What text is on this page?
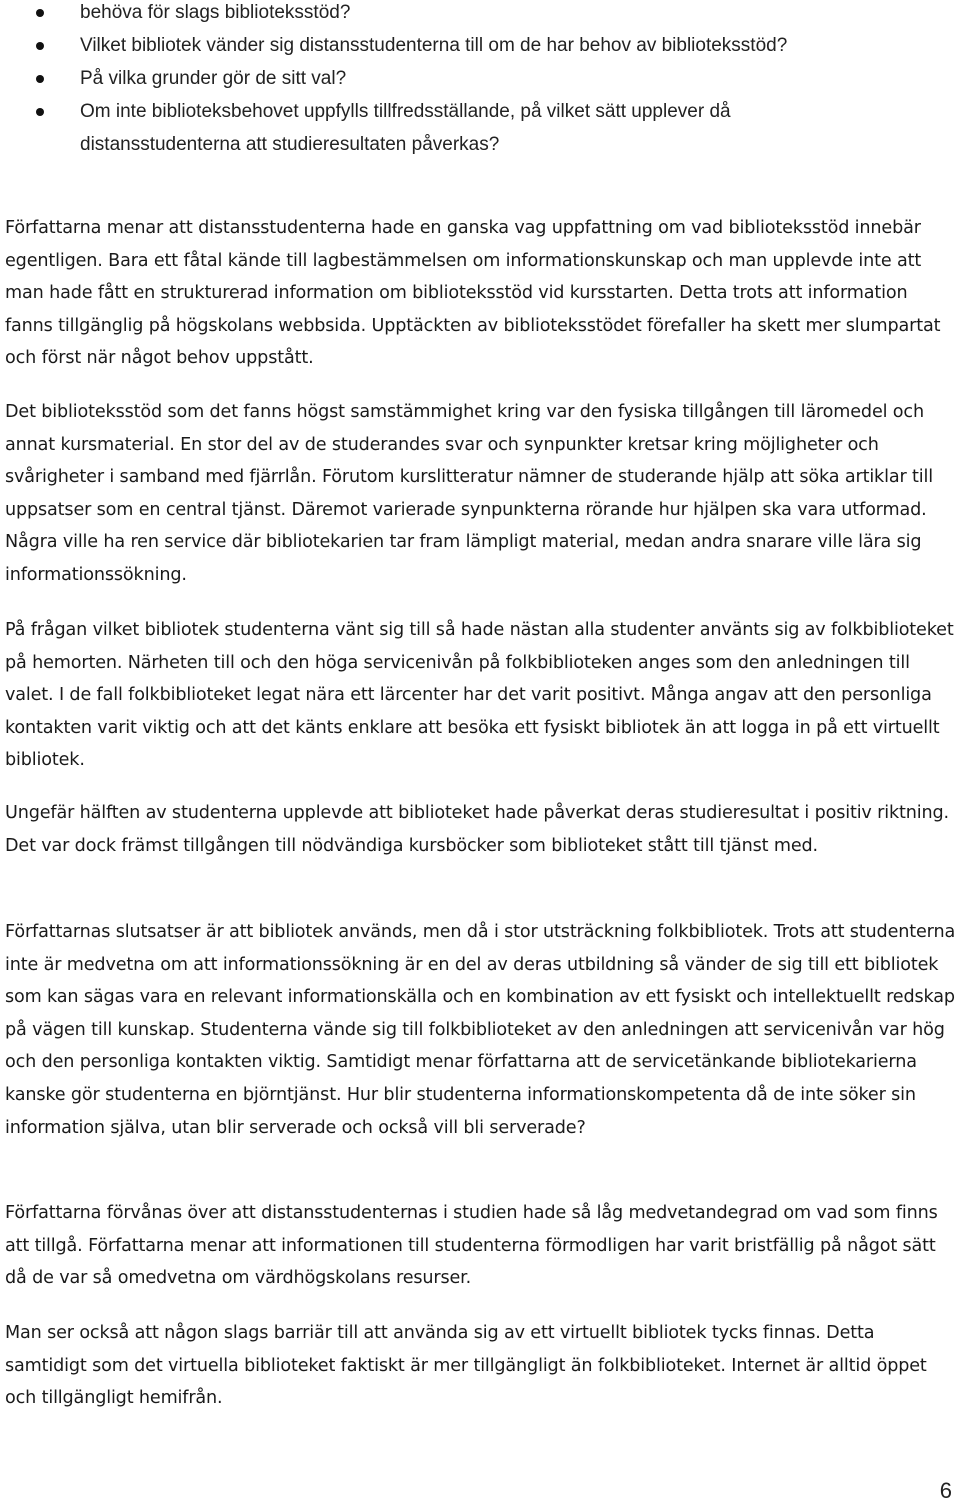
behöva för slags biblioteksstöd?
Vilket bibliotek vänder sig distansstudenterna till om de har behov av biblioteksstöd?
På vilka grunder gör de sitt val?
Om inte biblioteksbehovet uppfylls tillfredsställande, på vilket sätt upplever då distansstudenterna att studieresultaten påverkas?

Författarna menar att distansstudenterna hade en ganska vag uppfattning om vad biblioteksstöd innebär egentligen. Bara ett fåtal kände till lagbestämmelsen om informationskunskap och man upplevde inte att man hade fått en strukturerad information om biblioteksstöd vid kursstarten. Detta trots att information fanns tillgänglig på högskolans webbsida. Upptäckten av biblioteksstödet förefaller ha skett mer slumpartat och först när något behov uppstått.

Det biblioteksstöd som det fanns högst samstämmighet kring var den fysiska tillgången till läromedel och annat kursmaterial. En stor del av de studerandes svar och synpunkter kretsar kring möjligheter och svårigheter i samband med fjärrlån. Förutom kurslitteratur nämner de studerande hjälp att söka artiklar till uppsatser som en central tjänst. Däremot varierade synpunkterna rörande hur hjälpen ska vara utformad. Några ville ha ren service där bibliotekarien tar fram lämpligt material, medan andra snarare ville lära sig informationssökning.

På frågan vilket bibliotek studenterna vänt sig till så hade nästan alla studenter använts sig av folkbiblioteket på hemorten. Närheten till och den höga servicenivån på folkbiblioteken anges som den anledningen till valet. I de fall folkbiblioteket legat nära ett lärcenter har det varit positivt. Många angav att den personliga kontakten varit viktig och att det känts enklare att besöka ett fysiskt bibliotek än att logga in på ett virtuellt bibliotek.

Ungefär hälften av studenterna upplevde att biblioteket hade påverkat deras studieresultat i positiv riktning. Det var dock främst tillgången till nödvändiga kursböcker som biblioteket stått till tjänst med.

Författarnas slutsatser är att bibliotek används, men då i stor utsträckning folkbibliotek. Trots att studenterna inte är medvetna om att informationssökning är en del av deras utbildning så vänder de sig till ett bibliotek som kan sägas vara en relevant informationskälla och en kombination av ett fysiskt och intellektuellt redskap på vägen till kunskap. Studenterna vände sig till folkbiblioteket av den anledningen att servicenivån var hög och den personliga kontakten viktig. Samtidigt menar författarna att de servicetänkande bibliotekarierna kanske gör studenterna en björntjänst. Hur blir studenterna informationskompetenta då de inte söker sin information själva, utan blir serverade och också vill bli serverade?

Författarna förvånas över att distansstudenternas i studien hade så låg medvetandegrad om vad som finns att tillgå. Författarna menar att informationen till studenterna förmodligen har varit bristfällig på något sätt då de var så omedvetna om värdhögskolans resurser.

Man ser också att någon slags barriär till att använda sig av ett virtuellt bibliotek tycks finnas. Detta samtidigt som det virtuella biblioteket faktiskt är mer tillgängligt än folkbiblioteket. Internet är alltid öppet och tillgängligt hemifrån.

6
